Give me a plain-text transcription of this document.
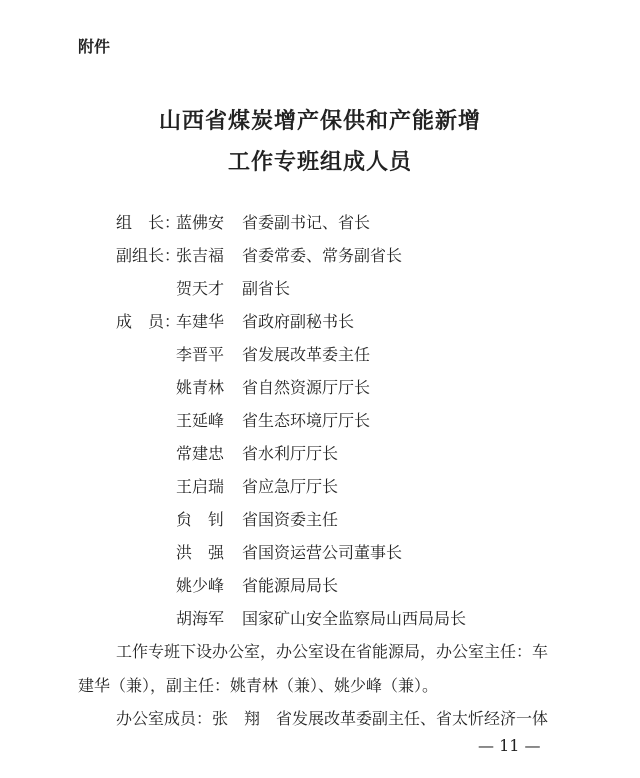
附件
山西省煤炭增产保供和产能新增
工作专班组成人员
组　长：
蓝佛安	省委副书记、省长
副组长：
张吉福	省委常委、常务副省长
贺天才	副省长
成　员：
车建华	省政府副秘书长
李晋平	省发展改革委主任
姚青林	省自然资源厅厅长
王延峰	省生态环境厅厅长
常建忠	省水利厅厅长
王启瑞	省应急厅厅长
贠　钊	省国资委主任
洪　强	省国资运营公司董事长
姚少峰	省能源局局长
胡海军	国家矿山安全监察局山西局局长
工作专班下设办公室，办公室设在省能源局，办公室主任：车
建华（兼），副主任：姚青林（兼）、姚少峰（兼）。
办公室成员：张　翔　省发展改革委副主任、省太忻经济一体
— 11 —
